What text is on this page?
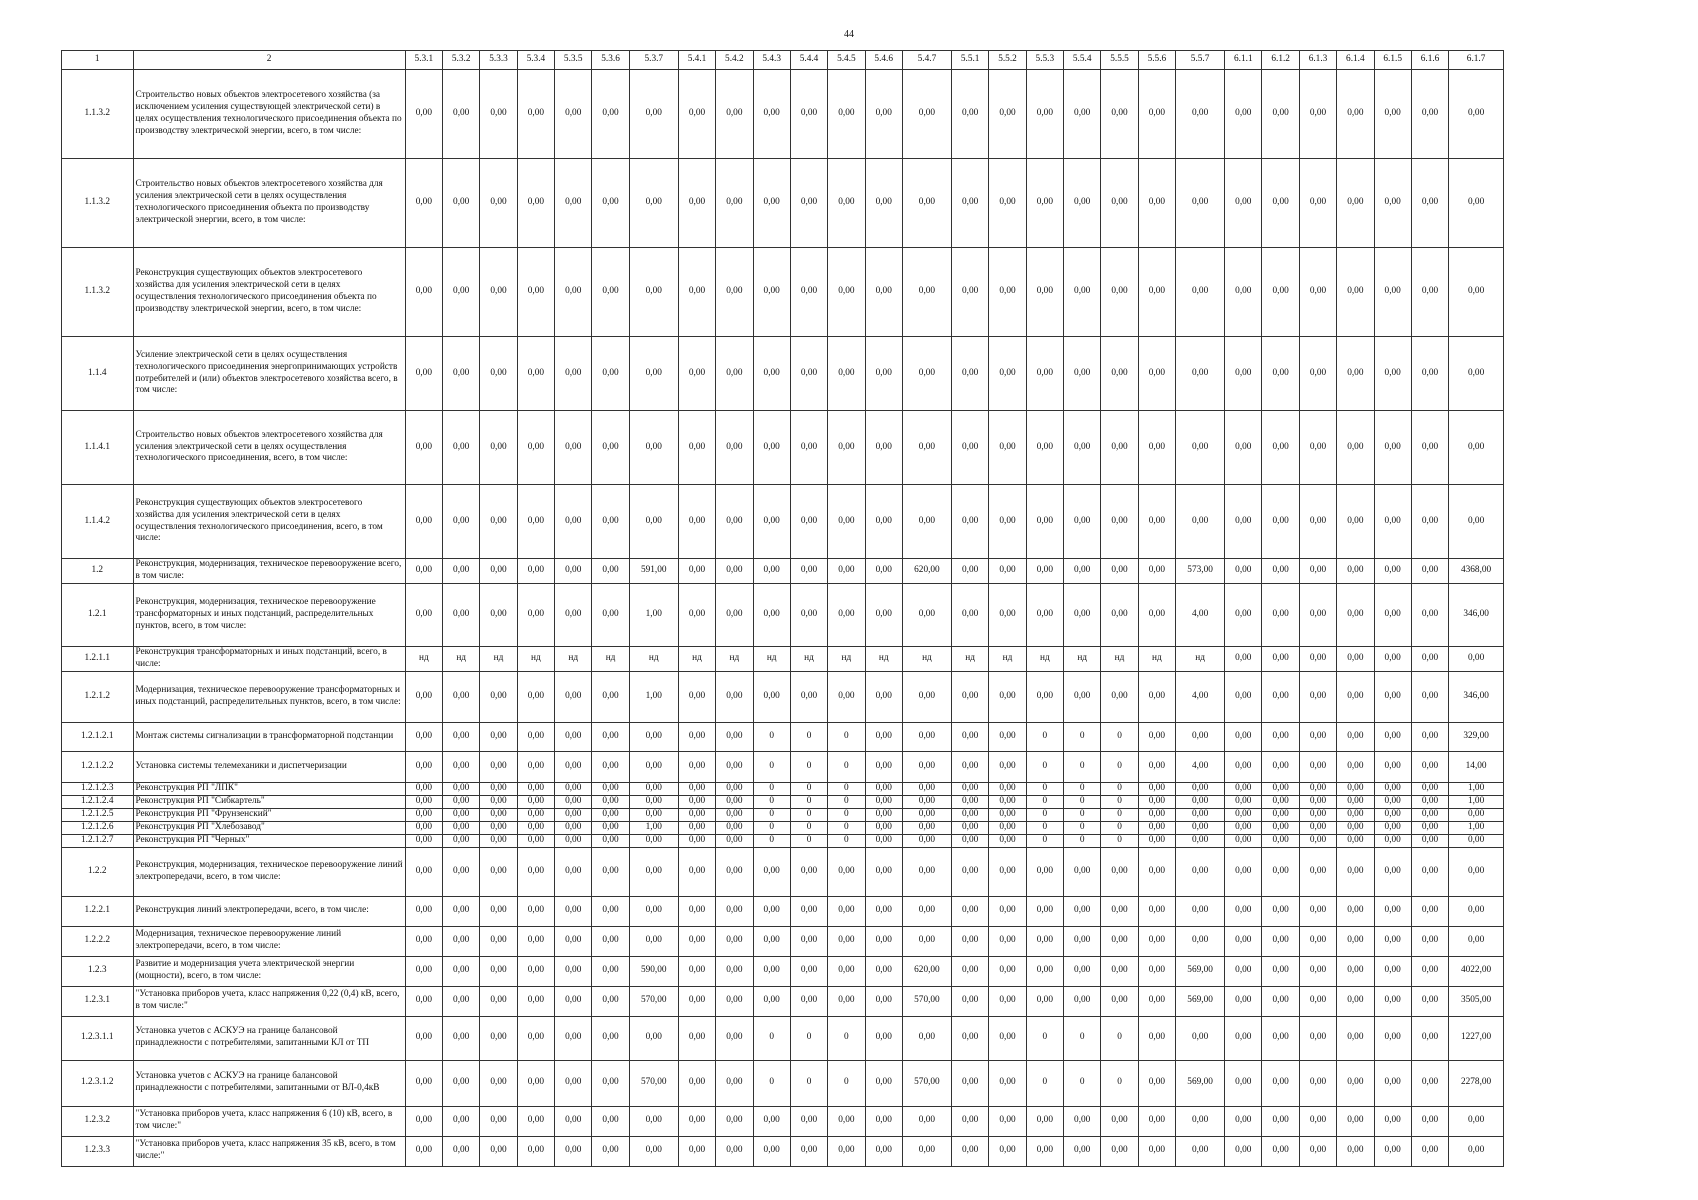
44
1	2	5.3.1	5.3.2	5.3.3	5.3.4	5.3.5	5.3.6	5.3.7	5.4.1	5.4.2	5.4.3	5.4.4	5.4.5	5.4.6	5.4.7	5.5.1	5.5.2	5.5.3	5.5.4	5.5.5	5.5.6	5.5.7	6.1.1	6.1.2	6.1.3	6.1.4	6.1.5	6.1.6	6.1.7
1.1.3.2	Строительство новых объектов электросетевого хозяйства (за исключением усиления существующей электрической сети) в целях осуществления технологического присоединения объекта по производству электрической энергии, всего, в том числе:	0,00	0,00	0,00	0,00	0,00	0,00	0,00	0,00	0,00	0,00	0,00	0,00	0,00	0,00	0,00	0,00	0,00	0,00	0,00	0,00	0,00	0,00	0,00	0,00	0,00	0,00	0,00	0,00
1.1.3.2	Строительство новых объектов электросетевого хозяйства для усиления электрической сети в целях осуществления технологического присоединения объекта по производству электрической энергии, всего, в том числе:	0,00	0,00	0,00	0,00	0,00	0,00	0,00	0,00	0,00	0,00	0,00	0,00	0,00	0,00	0,00	0,00	0,00	0,00	0,00	0,00	0,00	0,00	0,00	0,00	0,00	0,00	0,00	0,00
1.1.3.2	Реконструкция существующих объектов электросетевого хозяйства для усиления электрической сети в целях осуществления технологического присоединения объекта по производству электрической энергии, всего, в том числе:	0,00	0,00	0,00	0,00	0,00	0,00	0,00	0,00	0,00	0,00	0,00	0,00	0,00	0,00	0,00	0,00	0,00	0,00	0,00	0,00	0,00	0,00	0,00	0,00	0,00	0,00	0,00	0,00
1.1.4	Усиление электрической сети в целях осуществления технологического присоединения энергопринимающих устройств потребителей и (или) объектов электросетевого хозяйства всего, в том числе:	0,00	0,00	0,00	0,00	0,00	0,00	0,00	0,00	0,00	0,00	0,00	0,00	0,00	0,00	0,00	0,00	0,00	0,00	0,00	0,00	0,00	0,00	0,00	0,00	0,00	0,00	0,00	0,00
1.1.4.1	Строительство новых объектов электросетевого хозяйства для усиления электрической сети в целях осуществления технологического присоединения, всего, в том числе:	0,00	0,00	0,00	0,00	0,00	0,00	0,00	0,00	0,00	0,00	0,00	0,00	0,00	0,00	0,00	0,00	0,00	0,00	0,00	0,00	0,00	0,00	0,00	0,00	0,00	0,00	0,00	0,00
1.1.4.2	Реконструкция существующих объектов электросетевого хозяйства для усиления электрической сети в целях осуществления технологического присоединения, всего, в том числе:	0,00	0,00	0,00	0,00	0,00	0,00	0,00	0,00	0,00	0,00	0,00	0,00	0,00	0,00	0,00	0,00	0,00	0,00	0,00	0,00	0,00	0,00	0,00	0,00	0,00	0,00	0,00	0,00
1.2	Реконструкция, модернизация, техническое перевооружение всего, в том числе:	0,00	0,00	0,00	0,00	0,00	0,00	591,00	0,00	0,00	0,00	0,00	0,00	0,00	620,00	0,00	0,00	0,00	0,00	0,00	0,00	573,00	0,00	0,00	0,00	0,00	0,00	0,00	4368,00
1.2.1	Реконструкция, модернизация, техническое перевооружение трансформаторных и иных подстанций, распределительных пунктов, всего, в том числе:	0,00	0,00	0,00	0,00	0,00	0,00	1,00	0,00	0,00	0,00	0,00	0,00	0,00	0,00	0,00	0,00	0,00	0,00	0,00	0,00	4,00	0,00	0,00	0,00	0,00	0,00	0,00	346,00
1.2.1.1	Реконструкция трансформаторных и иных подстанций, всего, в числе:	нд	нд	нд	нд	нд	нд	нд	нд	нд	нд	нд	нд	нд	нд	нд	нд	нд	нд	нд	нд	нд	0,00	0,00	0,00	0,00	0,00	0,00	0,00
1.2.1.2	Модернизация, техническое перевооружение трансформаторных и иных подстанций, распределительных пунктов, всего, в том числе:	0,00	0,00	0,00	0,00	0,00	0,00	1,00	0,00	0,00	0,00	0,00	0,00	0,00	0,00	0,00	0,00	0,00	0,00	0,00	0,00	4,00	0,00	0,00	0,00	0,00	0,00	0,00	346,00
1.2.1.2.1	Монтаж системы сигнализации в трансформаторной подстанции	0,00	0,00	0,00	0,00	0,00	0,00	0,00	0,00	0,00	0	0	0	0,00	0,00	0,00	0,00	0	0	0	0,00	0,00	0,00	0,00	0,00	0,00	0,00	0,00	329,00
1.2.1.2.2	Установка системы телемеханики и диспетчеризации	0,00	0,00	0,00	0,00	0,00	0,00	0,00	0,00	0,00	0	0	0	0,00	0,00	0,00	0,00	0	0	0	0,00	4,00	0,00	0,00	0,00	0,00	0,00	0,00	14,00
1.2.1.2.3	Реконструкция РП "ЛПК"	0,00	0,00	0,00	0,00	0,00	0,00	0,00	0,00	0,00	0	0	0	0,00	0,00	0,00	0,00	0	0	0	0,00	0,00	0,00	0,00	0,00	0,00	0,00	0,00	1,00
1.2.1.2.4	Реконструкция РП "Сибкартель"	0,00	0,00	0,00	0,00	0,00	0,00	0,00	0,00	0,00	0	0	0	0,00	0,00	0,00	0,00	0	0	0	0,00	0,00	0,00	0,00	0,00	0,00	0,00	0,00	1,00
1.2.1.2.5	Реконструкция РП "Фрунзенский"	0,00	0,00	0,00	0,00	0,00	0,00	0,00	0,00	0,00	0	0	0	0,00	0,00	0,00	0,00	0	0	0	0,00	0,00	0,00	0,00	0,00	0,00	0,00	0,00	0,00
1.2.1.2.6	Реконструкция РП "Хлебозавод"	0,00	0,00	0,00	0,00	0,00	0,00	1,00	0,00	0,00	0	0	0	0,00	0,00	0,00	0,00	0	0	0	0,00	0,00	0,00	0,00	0,00	0,00	0,00	0,00	1,00
1.2.1.2.7	Реконструкция РП "Черных"	0,00	0,00	0,00	0,00	0,00	0,00	0,00	0,00	0,00	0	0	0	0,00	0,00	0,00	0,00	0	0	0	0,00	0,00	0,00	0,00	0,00	0,00	0,00	0,00	0,00
1.2.2	Реконструкция, модернизация, техническое перевооружение линий электропередачи, всего, в том числе:	0,00	0,00	0,00	0,00	0,00	0,00	0,00	0,00	0,00	0,00	0,00	0,00	0,00	0,00	0,00	0,00	0,00	0,00	0,00	0,00	0,00	0,00	0,00	0,00	0,00	0,00	0,00	0,00
1.2.2.1	Реконструкция линий электропередачи, всего, в том числе:	0,00	0,00	0,00	0,00	0,00	0,00	0,00	0,00	0,00	0,00	0,00	0,00	0,00	0,00	0,00	0,00	0,00	0,00	0,00	0,00	0,00	0,00	0,00	0,00	0,00	0,00	0,00	0,00
1.2.2.2	Модернизация, техническое перевооружение линий электропередачи, всего, в том числе:	0,00	0,00	0,00	0,00	0,00	0,00	0,00	0,00	0,00	0,00	0,00	0,00	0,00	0,00	0,00	0,00	0,00	0,00	0,00	0,00	0,00	0,00	0,00	0,00	0,00	0,00	0,00	0,00
1.2.3	Развитие и модернизация учета электрической энергии (мощности), всего, в том числе:	0,00	0,00	0,00	0,00	0,00	0,00	590,00	0,00	0,00	0,00	0,00	0,00	0,00	620,00	0,00	0,00	0,00	0,00	0,00	0,00	569,00	0,00	0,00	0,00	0,00	0,00	0,00	4022,00
1.2.3.1	"Установка приборов учета, класс напряжения 0,22 (0,4) кВ, всего, в том числе:"	0,00	0,00	0,00	0,00	0,00	0,00	570,00	0,00	0,00	0,00	0,00	0,00	0,00	570,00	0,00	0,00	0,00	0,00	0,00	0,00	569,00	0,00	0,00	0,00	0,00	0,00	0,00	3505,00
1.2.3.1.1	Установка учетов с АСКУЭ на границе балансовой принадлежности с потребителями, запитанными КЛ от ТП	0,00	0,00	0,00	0,00	0,00	0,00	0,00	0,00	0,00	0	0	0	0,00	0,00	0,00	0,00	0	0	0	0,00	0,00	0,00	0,00	0,00	0,00	0,00	0,00	1227,00
1.2.3.1.2	Установка учетов с АСКУЭ на границе балансовой принадлежности с потребителями, запитанными от ВЛ-0,4кВ	0,00	0,00	0,00	0,00	0,00	0,00	570,00	0,00	0,00	0	0	0	0,00	570,00	0,00	0,00	0	0	0	0,00	569,00	0,00	0,00	0,00	0,00	0,00	0,00	2278,00
1.2.3.2	"Установка приборов учета, класс напряжения 6 (10) кВ, всего, в том числе:"	0,00	0,00	0,00	0,00	0,00	0,00	0,00	0,00	0,00	0,00	0,00	0,00	0,00	0,00	0,00	0,00	0,00	0,00	0,00	0,00	0,00	0,00	0,00	0,00	0,00	0,00	0,00	0,00
1.2.3.3	"Установка приборов учета, класс напряжения 35 кВ, всего, в том числе:"	0,00	0,00	0,00	0,00	0,00	0,00	0,00	0,00	0,00	0,00	0,00	0,00	0,00	0,00	0,00	0,00	0,00	0,00	0,00	0,00	0,00	0,00	0,00	0,00	0,00	0,00	0,00	0,00
